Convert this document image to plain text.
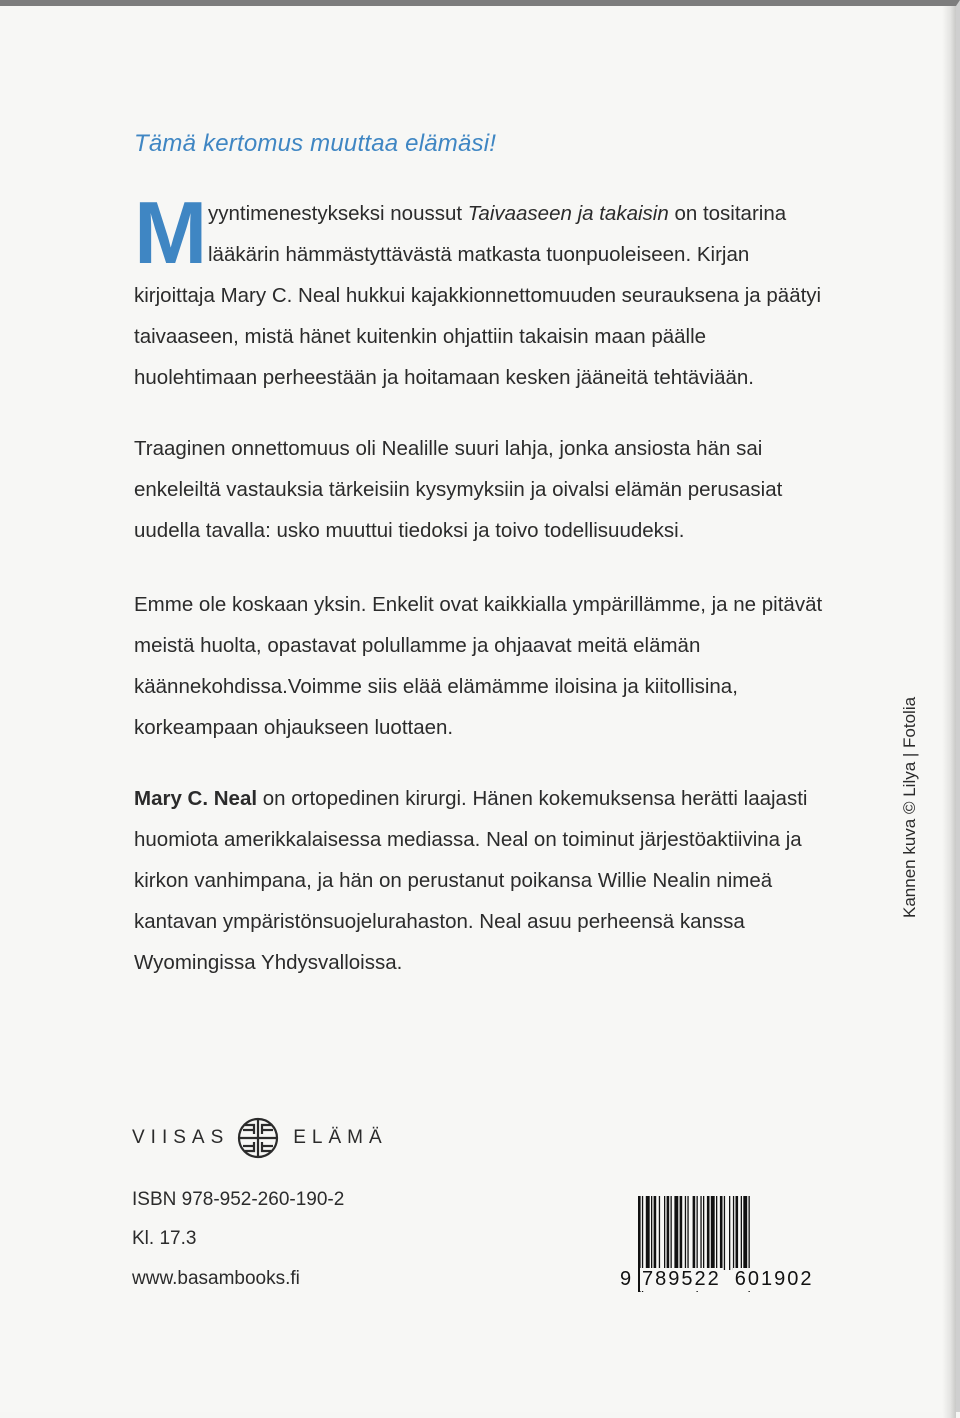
Tämä kertomus muuttaa elämäsi!

Myyntimenestykseksi noussut Taivaaseen ja takaisin on tositarina lääkärin hämmästyttävästä matkasta tuonpuoleiseen. Kirjan kirjoittaja Mary C. Neal hukkui kajakkionnettomuuden seurauksena ja päätyi taivaaseen, mistä hänet kuitenkin ohjattiin takaisin maan päälle huolehtimaan perheestään ja hoitamaan kesken jääneitä tehtäviään.

Traaginen onnettomuus oli Nealille suuri lahja, jonka ansiosta hän sai enkeleiltä vastauksia tärkeisiin kysymyksiin ja oivalsi elämän perusasiat uudella tavalla: usko muuttui tiedoksi ja toivo todellisuudeksi.

Emme ole koskaan yksin. Enkelit ovat kaikkialla ympärillämme, ja ne pitävät meistä huolta, opastavat polullamme ja ohjaavat meitä elämän käännekohdissa.Voimme siis elää elämämme iloisina ja kiitollisina, korkeampaan ohjaukseen luottaen.

Mary C. Neal on ortopedinen kirurgi. Hänen kokemuksensa herätti laajasti huomiota amerikkalaisessa mediassa. Neal on toiminut järjestöaktiivina ja kirkon vanhimpana, ja hän on perustanut poikansa Willie Nealin nimeä kantavan ympäristönsuojelurahaston. Neal asuu perheensä kanssa Wyomingissa Yhdysvalloissa.

Kannen kuva © Lilya | Fotolia
VIISAS	ELÄMÄ
ISBN 978-952-260-190-2
Kl. 17.3
www.basambooks.fi	9 789522 601902
